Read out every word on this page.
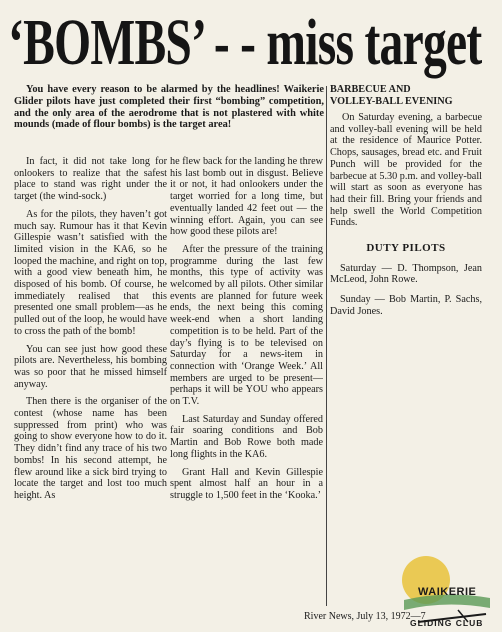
‘BOMBS’ - - miss target

You have every reason to be alarmed by the headlines! Waikerie Glider pilots have just completed their first “bombing” competition, and the only area of the aerodrome that is not plastered with white mounds (made of flour bombs) is the target area!

In fact, it did not take long for onlookers to realize that the safest place to stand was right under the target (the wind-sock.)

As for the pilots, they haven’t got much say. Rumour has it that Kevin Gillespie wasn’t satisfied with the limited vision in the KA6, so he looped the machine, and right on top, with a good view beneath him, he disposed of his bomb. Of course, he immediately realised that this presented one small problem—as he pulled out of the loop, he would have to cross the path of the bomb!

You can see just how good these pilots are. Nevertheless, his bombing was so poor that he missed himself anyway.

Then there is the organiser of the contest (whose name has been suppressed from print) who was going to show everyone how to do it. They didn’t find any trace of his two bombs! In his second attempt, he flew around like a sick bird trying to locate the target and lost too much height. As

he flew back for the landing he threw his last bomb out in disgust. Believe it or not, it had onlookers under the target worried for a long time, but eventually landed 42 feet out — the winning effort. Again, you can see how good these pilots are!

After the pressure of the training programme during the last few months, this type of activity was welcomed by all pilots. Other similar events are planned for future week ends, the next being this coming week-end when a short landing competition is to be held. Part of the day’s flying is to be televised on Saturday for a news-item in connection with ‘Orange Week.’ All members are urged to be present—perhaps it will be YOU who appears on T.V.

Last Saturday and Sunday offered fair soaring conditions and Bob Martin and Bob Rowe both made long flights in the KA6.

Grant Hall and Kevin Gillespie spent almost half an hour in a struggle to 1,500 feet in the ‘Kooka.’

BARBECUE AND
VOLLEY-BALL EVENING

On Saturday evening, a barbecue and volley-ball evening will be held at the residence of Maurice Potter. Chops, sausages, bread etc. and Fruit Punch will be provided for the barbecue at 5.30 p.m. and volley-ball will start as soon as everyone has had their fill. Bring your friends and help swell the World Competition Funds.

DUTY PILOTS

Saturday — D. Thompson, Jean McLeod, John Rowe.

Sunday — Bob Martin, P. Sachs, David Jones.

River News, July 13, 1972—7
WAIKERIE
GLIDING CLUB
